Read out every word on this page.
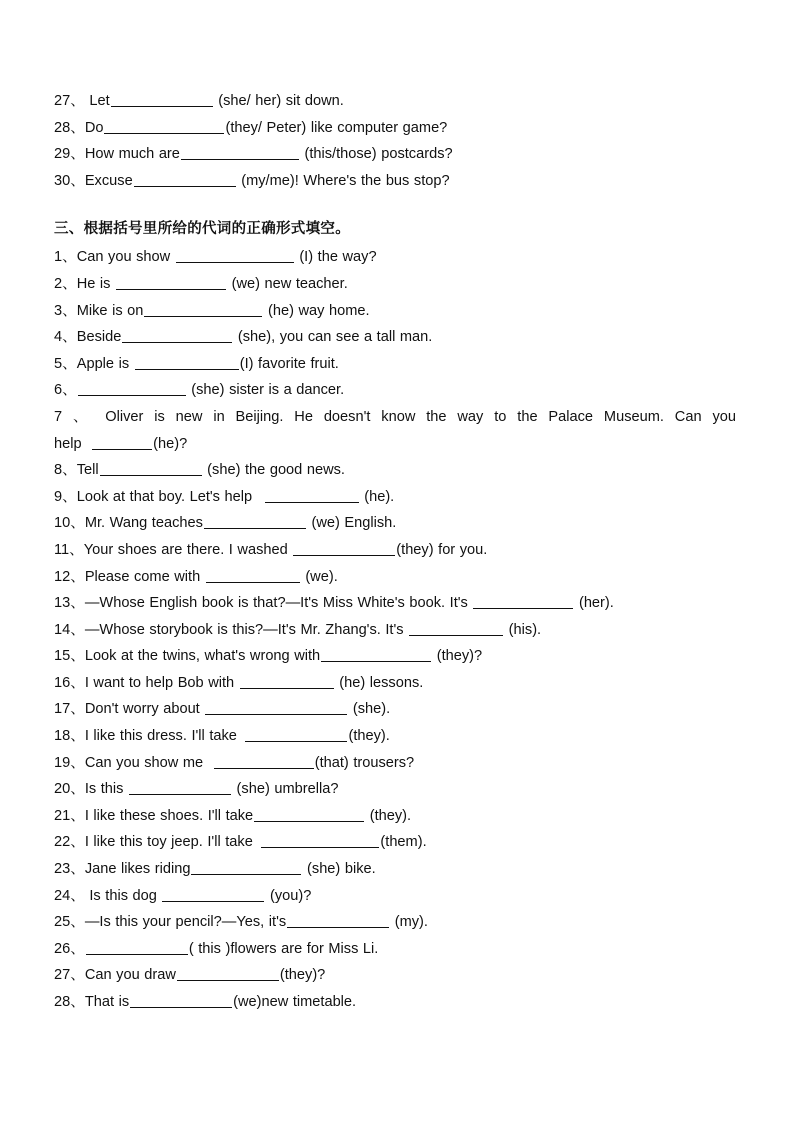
27、 Let	(she/ her) sit down.
28、Do	(they/ Peter) like computer game?
29、How much are	(this/those) postcards?
30、Excuse	(my/me)! Where's the bus stop?
三、根据括号里所给的代词的正确形式填空。
1、Can you show	(I) the way?
2、He is	(we) new teacher.
3、Mike is on	(he) way home.
4、Beside	(she), you can see a tall man.
5、Apple is	(I) favorite fruit.
6、	(she) sister is a dancer.
7 、 Oliver is new in Beijing. He doesn't know the way to the Palace Museum. Can you
help	(he)?
8、Tell	(she) the good news.
9、Look at that boy. Let's help	(he).
10、Mr. Wang teaches	(we) English.
11、Your shoes are there. I washed	(they) for you.
12、Please come with	(we).
13、—Whose English book is that?—It's Miss White's book. It's	(her).
14、—Whose storybook is this?—It's Mr. Zhang's. It's	(his).
15、Look at the twins, what's wrong with	(they)?
16、I want to help Bob with	(he) lessons.
17、Don't worry about	(she).
18、I like this dress. I'll take	(they).
19、Can you show me	(that) trousers?
20、Is this	(she) umbrella?
21、I like these shoes. I'll take	(they).
22、I like this toy jeep. I'll take	(them).
23、Jane likes riding	(she) bike.
24、 Is this dog	(you)?
25、—Is this your pencil?—Yes, it's	(my).
26、	( this )flowers are for Miss Li.
27、Can you draw	(they)?
28、That is	(we)new timetable.
